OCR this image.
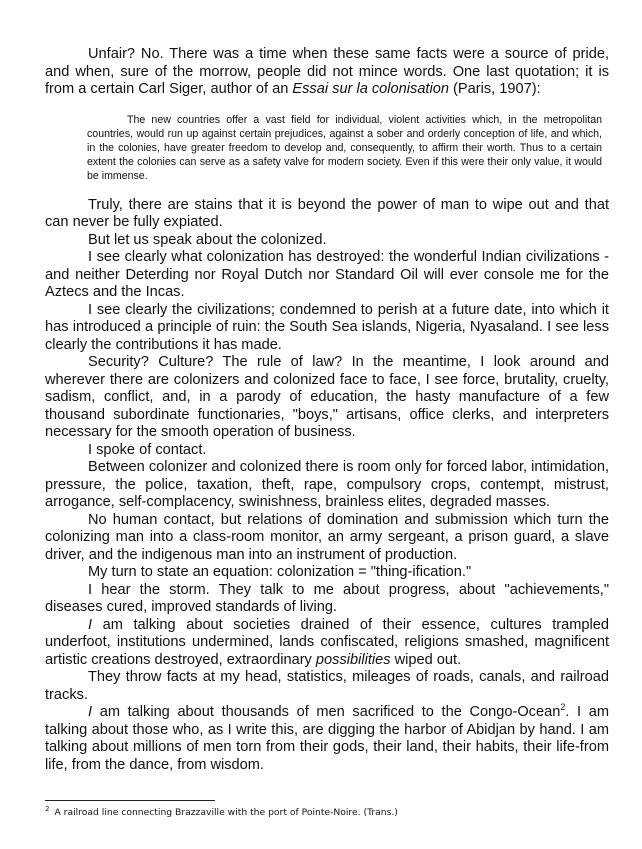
Unfair? No. There was a time when these same facts were a source of pride, and when, sure of the morrow, people did not mince words. One last quotation; it is from a certain Carl Siger, author of an Essai sur la colonisation (Paris, 1907):

The new countries offer a vast field for individual, violent activities which, in the metropolitan countries, would run up against certain prejudices, against a sober and orderly conception of life, and which, in the colonies, have greater freedom to develop and, consequently, to affirm their worth. Thus to a certain extent the colonies can serve as a safety valve for modern society. Even if this were their only value, it would be immense.

Truly, there are stains that it is beyond the power of man to wipe out and that can never be fully expiated.

But let us speak about the colonized.

I see clearly what colonization has destroyed: the wonderful Indian civilizations - and neither Deterding nor Royal Dutch nor Standard Oil will ever console me for the Aztecs and the Incas.

I see clearly the civilizations; condemned to perish at a future date, into which it has introduced a principle of ruin: the South Sea islands, Nigeria, Nyasaland. I see less clearly the contributions it has made.

Security? Culture? The rule of law? In the meantime, I look around and wherever there are colonizers and colonized face to face, I see force, brutality, cruelty, sadism, conflict, and, in a parody of education, the hasty manufacture of a few thousand subordinate functionaries, "boys," artisans, office clerks, and interpreters necessary for the smooth operation of business.

I spoke of contact.

Between colonizer and colonized there is room only for forced labor, intimidation, pressure, the police, taxation, theft, rape, compulsory crops, contempt, mistrust, arrogance, self-complacency, swinishness, brainless elites, degraded masses.

No human contact, but relations of domination and submission which turn the colonizing man into a class-room monitor, an army sergeant, a prison guard, a slave driver, and the indigenous man into an instrument of production.

My turn to state an equation: colonization = "thing-ification."

I hear the storm. They talk to me about progress, about "achievements," diseases cured, improved standards of living.

I am talking about societies drained of their essence, cultures trampled underfoot, institutions undermined, lands confiscated, religions smashed, magnificent artistic creations destroyed, extraordinary possibilities wiped out.

They throw facts at my head, statistics, mileages of roads, canals, and railroad tracks.

I am talking about thousands of men sacrificed to the Congo-Ocean$^2$. I am talking about those who, as I write this, are digging the harbor of Abidjan by hand. I am talking about millions of men torn from their gods, their land, their habits, their life-from life, from the dance, from wisdom.

$^2$ A railroad line connecting Brazzaville with the port of Pointe-Noire. (Trans.)
